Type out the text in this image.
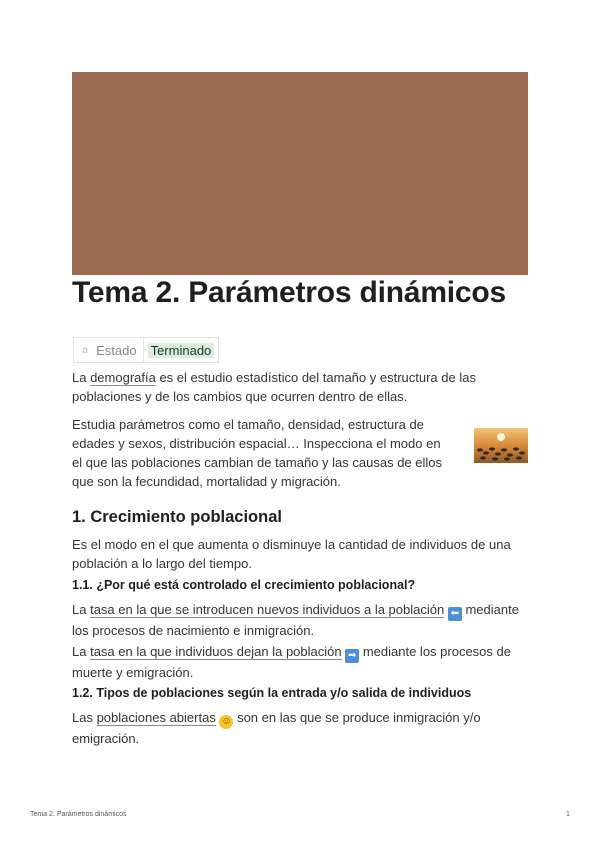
Tema 2. Parámetros dinámicos
☼ Estado	Terminado

La demografía es el estudio estadístico del tamaño y estructura de las
poblaciones y de los cambios que ocurren dentro de ellas.

Estudia parámetros como el tamaño, densidad, estructura de
edades y sexos, distribución espacial… Inspecciona el modo en
el que las poblaciones cambian de tamaño y las causas de ellos
que son la fecundidad, mortalidad y migración.

1. Crecimiento poblacional

Es el modo en el que aumenta o disminuye la cantidad de individuos de una
población a lo largo del tiempo.

1.1. ¿Por qué está controlado el crecimiento poblacional?

La tasa en la que se introducen nuevos individuos a la población ⬅ mediante
los procesos de nacimiento e inmigración.

La tasa en la que individuos dejan la población ➡ mediante los procesos de
muerte y emigración.

1.2. Tipos de poblaciones según la entrada y/o salida de individuos

Las poblaciones abiertas ☺ son en las que se produce inmigración y/o
emigración.

Tema 2. Parámetros dinámicos	1
